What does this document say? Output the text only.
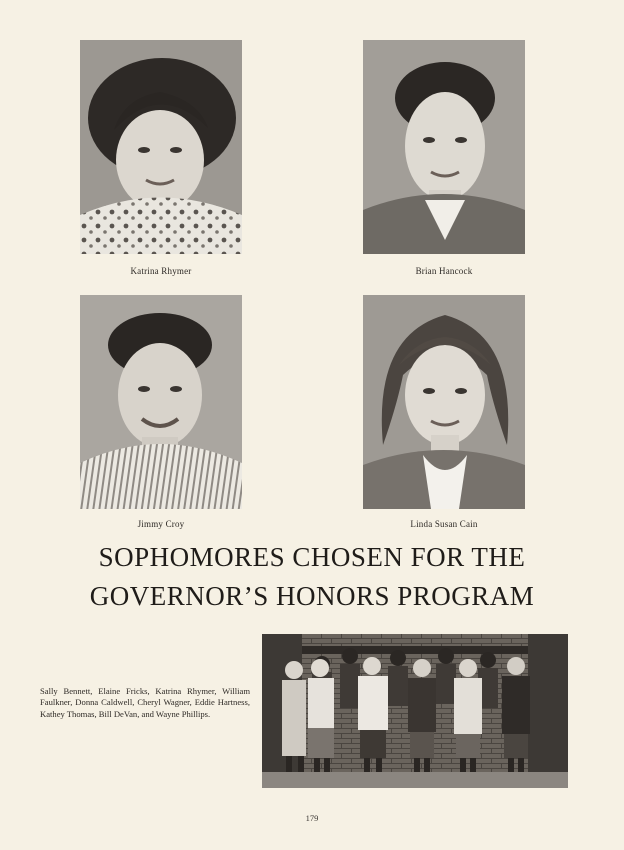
Katrina Rhymer	Brian Hancock
Jimmy Croy	Linda Susan Cain
SOPHOMORES CHOSEN FOR THE
GOVERNOR’S HONORS PROGRAM
Sally Bennett, Elaine Fricks, Katrina Rhymer, William Faulkner, Donna Caldwell, Cheryl Wagner, Eddie Hartness, Kathey Thomas, Bill DeVan, and Wayne Phillips.
179
